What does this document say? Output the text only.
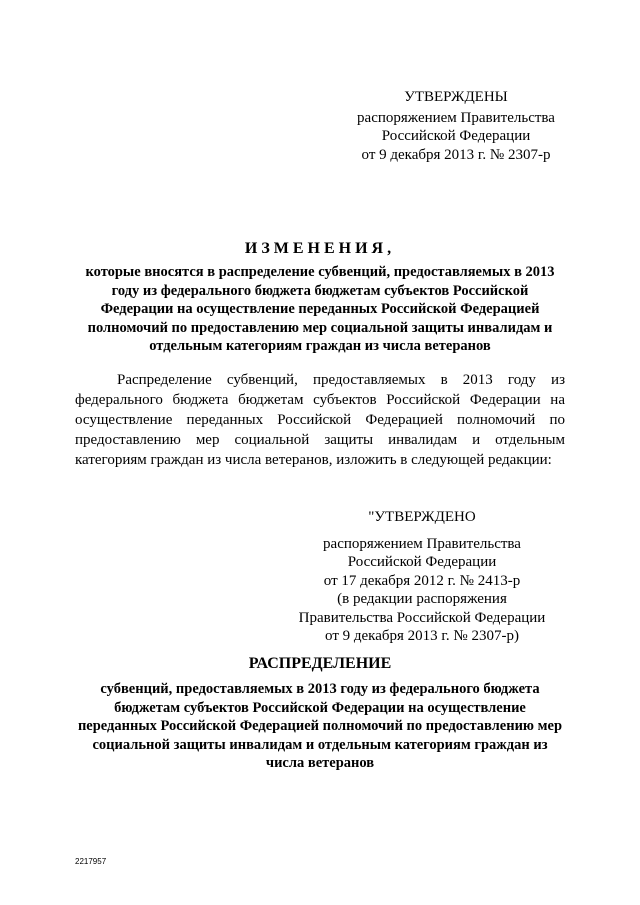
УТВЕРЖДЕНЫ
распоряжением Правительства
Российской Федерации
от 9 декабря 2013 г. № 2307-р
ИЗМЕНЕНИЯ,
которые вносятся в распределение субвенций, предоставляемых в 2013 году из федерального бюджета бюджетам субъектов Российской Федерации на осуществление переданных Российской Федерацией полномочий по предоставлению мер социальной защиты инвалидам и отдельным категориям граждан из числа ветеранов

Распределение субвенций, предоставляемых в 2013 году из федерального бюджета бюджетам субъектов Российской Федерации на осуществление переданных Российской Федерацией полномочий по предоставлению мер социальной защиты инвалидам и отдельным категориям граждан из числа ветеранов, изложить в следующей редакции:

"УТВЕРЖДЕНО
распоряжением Правительства
Российской Федерации
от 17 декабря 2012 г. № 2413-р
(в редакции распоряжения
Правительства Российской Федерации
от 9 декабря 2013 г. № 2307-р)
РАСПРЕДЕЛЕНИЕ
субвенций, предоставляемых в 2013 году из федерального бюджета бюджетам субъектов Российской Федерации на осуществление переданных Российской Федерацией полномочий по предоставлению мер социальной защиты инвалидам и отдельным категориям граждан из числа ветеранов
2217957
